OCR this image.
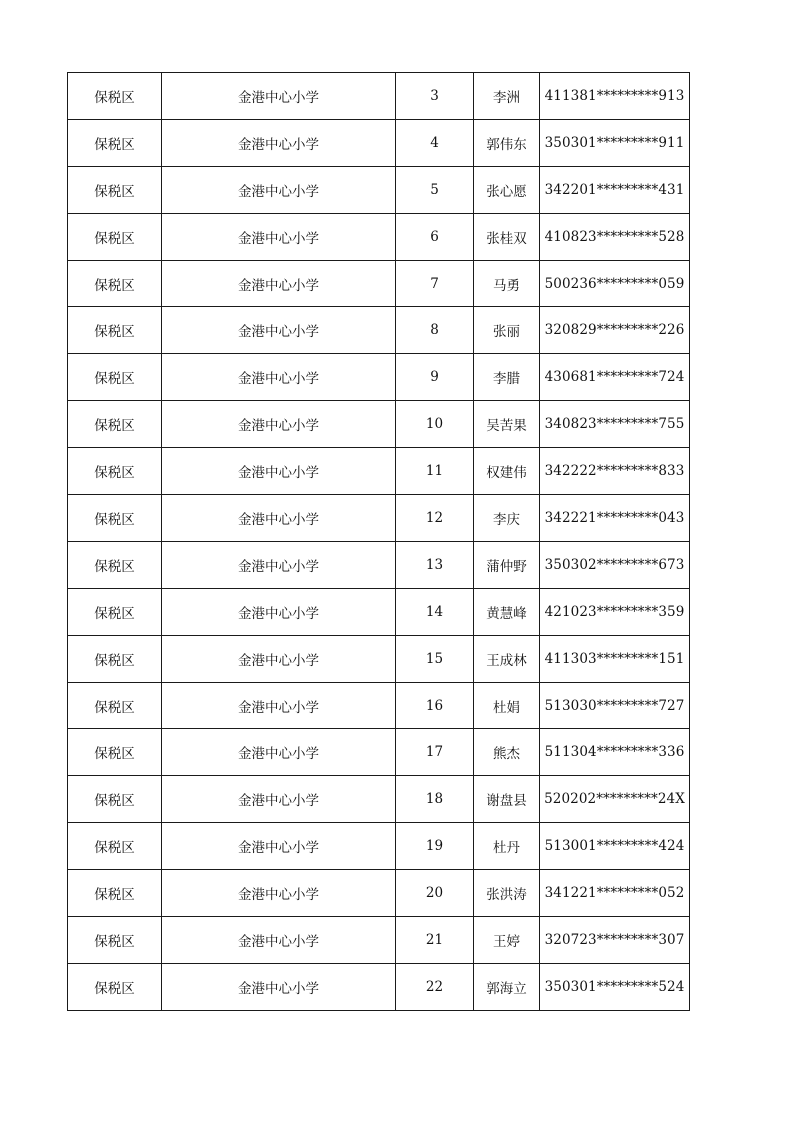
保税区	金港中心小学	3	李洲	411381*********913
保税区	金港中心小学	4	郭伟东	350301*********911
保税区	金港中心小学	5	张心愿	342201*********431
保税区	金港中心小学	6	张桂双	410823*********528
保税区	金港中心小学	7	马勇	500236*********059
保税区	金港中心小学	8	张丽	320829*********226
保税区	金港中心小学	9	李腊	430681*********724
保税区	金港中心小学	10	吴苦果	340823*********755
保税区	金港中心小学	11	权建伟	342222*********833
保税区	金港中心小学	12	李庆	342221*********043
保税区	金港中心小学	13	蒲仲野	350302*********673
保税区	金港中心小学	14	黄慧峰	421023*********359
保税区	金港中心小学	15	王成林	411303*********151
保税区	金港中心小学	16	杜娟	513030*********727
保税区	金港中心小学	17	熊杰	511304*********336
保税区	金港中心小学	18	谢盘县	520202*********24X
保税区	金港中心小学	19	杜丹	513001*********424
保税区	金港中心小学	20	张洪涛	341221*********052
保税区	金港中心小学	21	王婷	320723*********307
保税区	金港中心小学	22	郭海立	350301*********524
